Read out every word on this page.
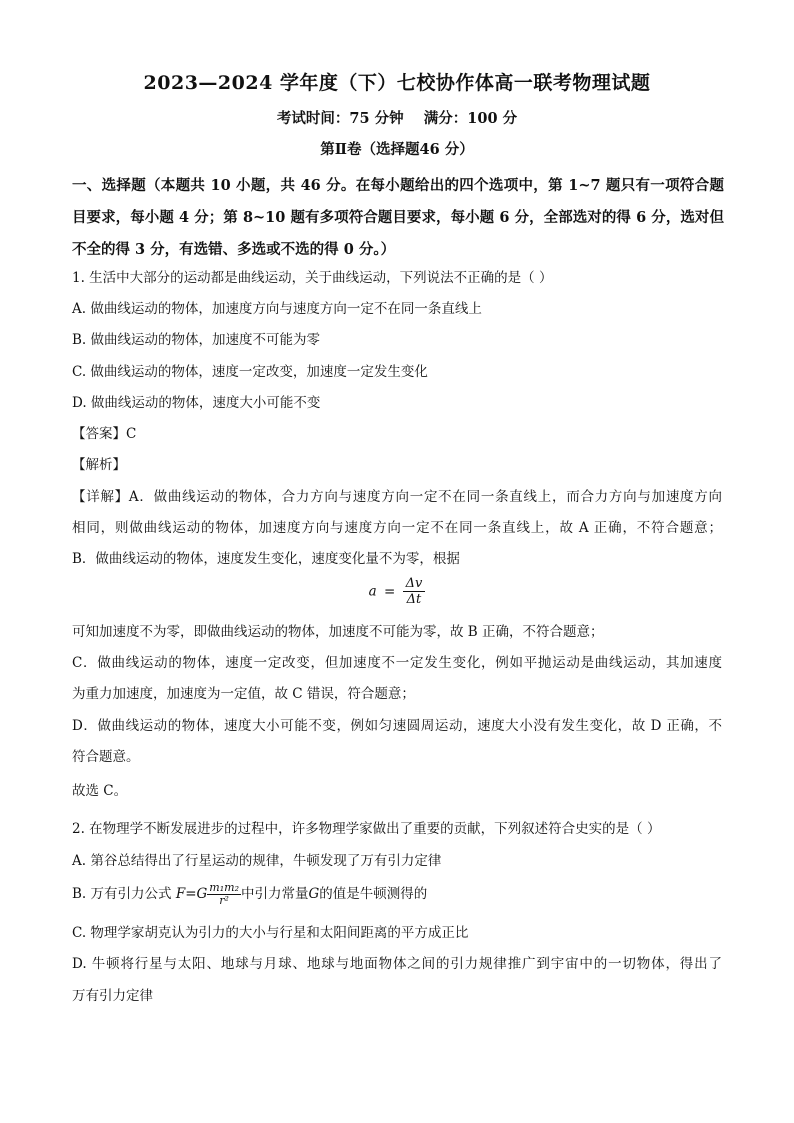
2023—2024 学年度（下）七校协作体高一联考物理试题
考试时间：75 分钟    满分：100 分
第Ⅱ卷（选择题46 分）
一、选择题（本题共 10 小题，共 46 分。在每小题给出的四个选项中，第 1~7 题只有一项符合题目要求，每小题 4 分；第 8~10 题有多项符合题目要求，每小题 6 分，全部选对的得 6 分，选对但不全的得 3 分，有选错、多选或不选的得 0 分。）
1. 生活中大部分的运动都是曲线运动，关于曲线运动，下列说法不正确的是（ ）
A. 做曲线运动的物体，加速度方向与速度方向一定不在同一条直线上
B. 做曲线运动的物体，加速度不可能为零
C. 做曲线运动的物体，速度一定改变，加速度一定发生变化
D. 做曲线运动的物体，速度大小可能不变
【答案】C
【解析】
【详解】A．做曲线运动的物体，合力方向与速度方向一定不在同一条直线上，而合力方向与加速度方向
相同，则做曲线运动的物体，加速度方向与速度方向一定不在同一条直线上，故 A 正确，不符合题意；
B．做曲线运动的物体，速度发生变化，速度变化量不为零，根据
$a = \frac{\Delta v}{\Delta t}$
可知加速度不为零，即做曲线运动的物体，加速度不可能为零，故 B 正确，不符合题意；
C．做曲线运动的物体，速度一定改变，但加速度不一定发生变化，例如平抛运动是曲线运动，其加速度
为重力加速度，加速度为一定值，故 C 错误，符合题意；
D．做曲线运动的物体，速度大小可能不变，例如匀速圆周运动，速度大小没有发生变化，故 D 正确，不
符合题意。
故选 C。
2. 在物理学不断发展进步的过程中，许多物理学家做出了重要的贡献，下列叙述符合史实的是（ ）
A. 第谷总结得出了行星运动的规律，牛顿发现了万有引力定律
B. 万有引力公式 $F=G \frac{\text{m₁m₂}}{\text{r²}}$ 中引力常量G的值是牛顿测得的
C. 物理学家胡克认为引力的大小与行星和太阳间距离的平方成正比
D. 牛顿将行星与太阳、地球与月球、地球与地面物体之间的引力规律推广到宇宙中的一切物体，得出了
万有引力定律
